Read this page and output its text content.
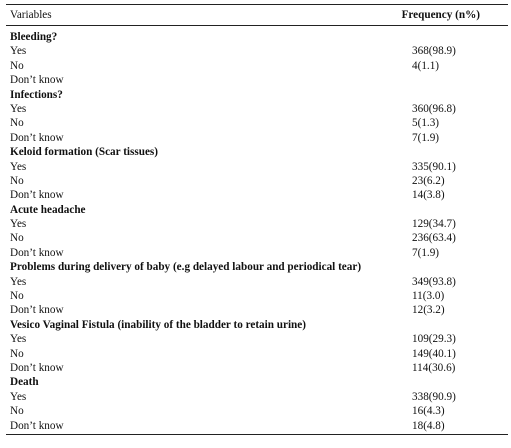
Variables	Frequency (n%)
Bleeding?
Yes	368(98.9)
No	4(1.1)
Don’t know
Infections?
Yes	360(96.8)
No	5(1.3)
Don’t know	7(1.9)
Keloid formation (Scar tissues)
Yes	335(90.1)
No	23(6.2)
Don’t know	14(3.8)
Acute headache
Yes	129(34.7)
No	236(63.4)
Don’t know	7(1.9)
Problems during delivery of baby (e.g delayed labour and periodical tear)
Yes	349(93.8)
No	11(3.0)
Don’t know	12(3.2)
Vesico Vaginal Fistula (inability of the bladder to retain urine)
Yes	109(29.3)
No	149(40.1)
Don’t know	114(30.6)
Death
Yes	338(90.9)
No	16(4.3)
Don’t know	18(4.8)
